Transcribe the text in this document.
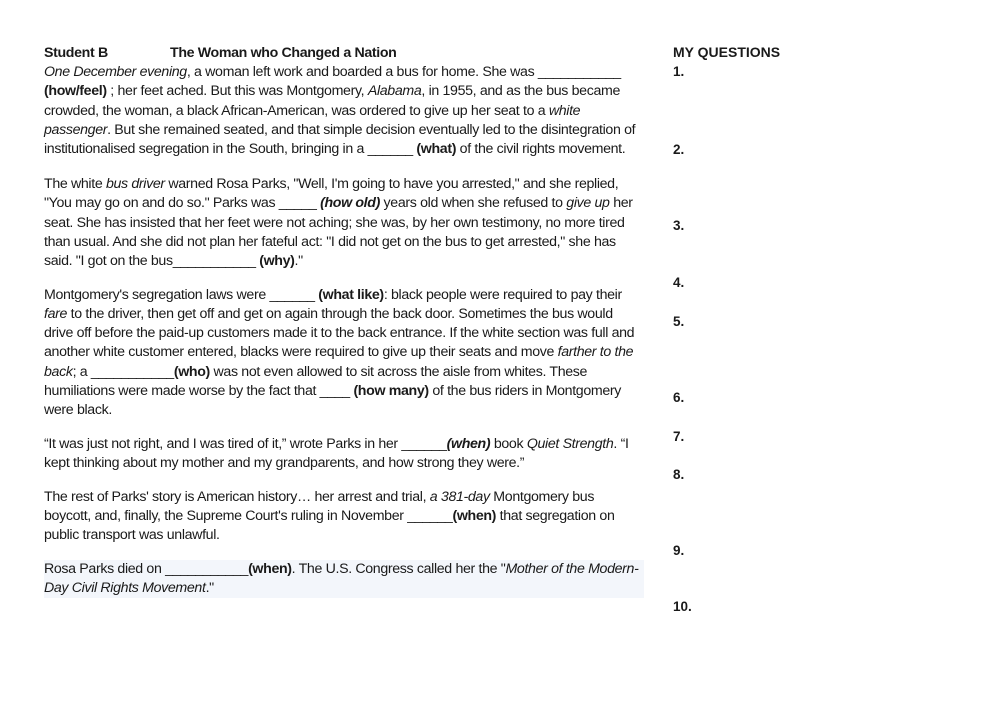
Student B	The Woman who Changed a Nation

One December evening, a woman left work and boarded a bus for home. She was ___________ (how/feel) ; her feet ached. But this was Montgomery, Alabama, in 1955, and as the bus became crowded, the woman, a black African-American, was ordered to give up her seat to a white passenger. But she remained seated, and that simple decision eventually led to the disintegration of institutionalised segregation in the South, bringing in a ______ (what) of the civil rights movement.

The white bus driver warned Rosa Parks, "Well, I'm going to have you arrested," and she replied, "You may go on and do so." Parks was _____ (how old) years old when she refused to give up her seat. She has insisted that her feet were not aching; she was, by her own testimony, no more tired than usual. And she did not plan her fateful act: "I did not get on the bus to get arrested," she has said. "I got on the bus___________ (why)."

Montgomery's segregation laws were ______ (what like): black people were required to pay their fare to the driver, then get off and get on again through the back door. Sometimes the bus would drive off before the paid-up customers made it to the back entrance. If the white section was full and another white customer entered, blacks were required to give up their seats and move farther to the back; a ___________(who) was not even allowed to sit across the aisle from whites. These humiliations were made worse by the fact that ____ (how many) of the bus riders in Montgomery were black.

“It was just not right, and I was tired of it,” wrote Parks in her ______(when) book Quiet Strength. “I kept thinking about my mother and my grandparents, and how strong they were.”

The rest of Parks' story is American history… her arrest and trial, a 381-day Montgomery bus boycott, and, finally, the Supreme Court's ruling in November ______(when) that segregation on public transport was unlawful.

Rosa Parks died on ___________(when). The U.S. Congress called her the "Mother of the Modern-Day Civil Rights Movement."

MY QUESTIONS
1.
2.
3.
4.
5.
6.
7.
8.
9.
10.
